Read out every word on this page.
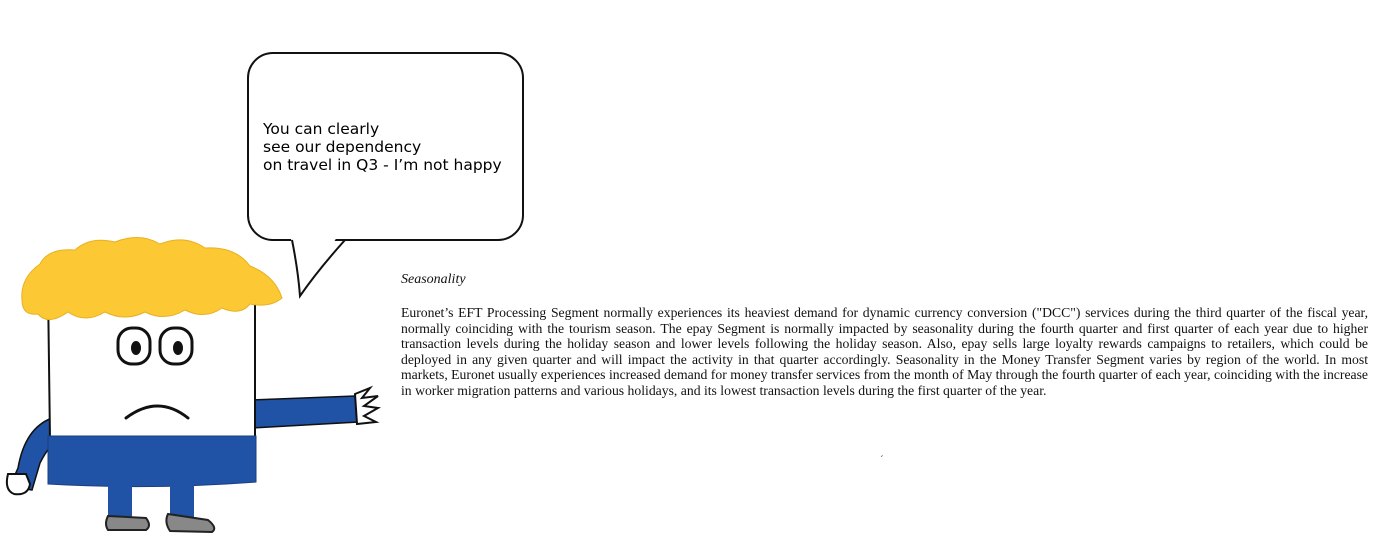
You can clearly
see our dependency
on travel in Q3 - I’m not happy
Seasonality

Euronet’s EFT Processing Segment normally experiences its heaviest demand for dynamic currency conversion ("DCC") services during the third quarter of the fiscal year, normally coinciding with the tourism season. The epay Segment is normally impacted by seasonality during the fourth quarter and first quarter of each year due to higher transaction levels during the holiday season and lower levels following the holiday season. Also, epay sells large loyalty rewards campaigns to retailers, which could be deployed in any given quarter and will impact the activity in that quarter accordingly. Seasonality in the Money Transfer Segment varies by region of the world. In most markets, Euronet usually experiences increased demand for money transfer services from the month of May through the fourth quarter of each year, coinciding with the increase in worker migration patterns and various holidays, and its lowest transaction levels during the first quarter of the year.

´
